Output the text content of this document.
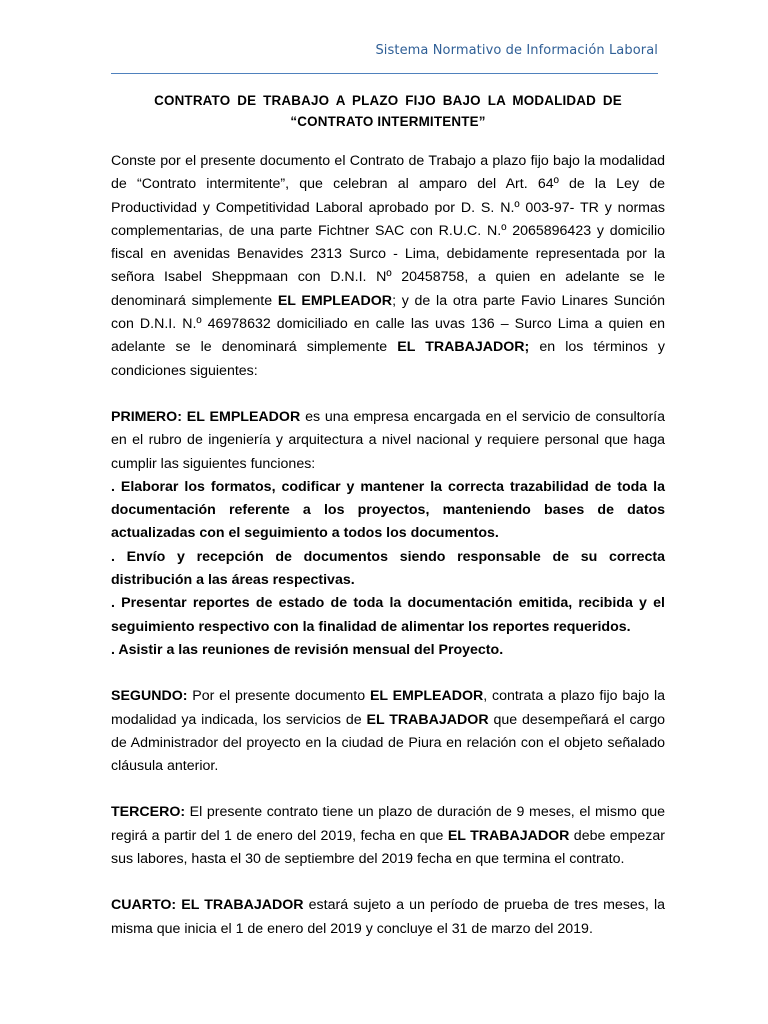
Sistema Normativo de Información Laboral
CONTRATO DE TRABAJO A PLAZO FIJO BAJO LA MODALIDAD DE
“CONTRATO INTERMITENTE”

Conste por el presente documento el Contrato de Trabajo a plazo fijo bajo la modalidad de “Contrato intermitente”, que celebran al amparo del Art. 64º de la Ley de Productividad y Competitividad Laboral aprobado por D. S. N.º 003-97- TR y normas complementarias, de una parte Fichtner SAC con R.U.C. N.º 2065896423 y domicilio fiscal en avenidas Benavides 2313 Surco - Lima, debidamente representada por la señora Isabel Sheppmaan con D.N.I. Nº 20458758, a quien en adelante se le denominará simplemente EL EMPLEADOR; y de la otra parte Favio Linares Sunción con D.N.I. N.º 46978632 domiciliado en calle las uvas 136 – Surco Lima a quien en adelante se le denominará simplemente EL TRABAJADOR; en los términos y condiciones siguientes:

PRIMERO: EL EMPLEADOR es una empresa encargada en el servicio de consultoría en el rubro de ingeniería y arquitectura a nivel nacional y requiere personal que haga cumplir las siguientes funciones:

. Elaborar los formatos, codificar y mantener la correcta trazabilidad de toda la documentación referente a los proyectos, manteniendo bases de datos actualizadas con el seguimiento a todos los documentos.

. Envío y recepción de documentos siendo responsable de su correcta distribución a las áreas respectivas.

. Presentar reportes de estado de toda la documentación emitida, recibida y el seguimiento respectivo con la finalidad de alimentar los reportes requeridos.

. Asistir a las reuniones de revisión mensual del Proyecto.

SEGUNDO: Por el presente documento EL EMPLEADOR, contrata a plazo fijo bajo la modalidad ya indicada, los servicios de EL TRABAJADOR que desempeñará el cargo de Administrador del proyecto en la ciudad de Piura en relación con el objeto señalado cláusula anterior.

TERCERO: El presente contrato tiene un plazo de duración de 9 meses, el mismo que regirá a partir del 1 de enero del 2019, fecha en que EL TRABAJADOR debe empezar sus labores, hasta el 30 de septiembre del 2019 fecha en que termina el contrato.

CUARTO: EL TRABAJADOR estará sujeto a un período de prueba de tres meses, la misma que inicia el 1 de enero del 2019 y concluye el 31 de marzo del 2019.
